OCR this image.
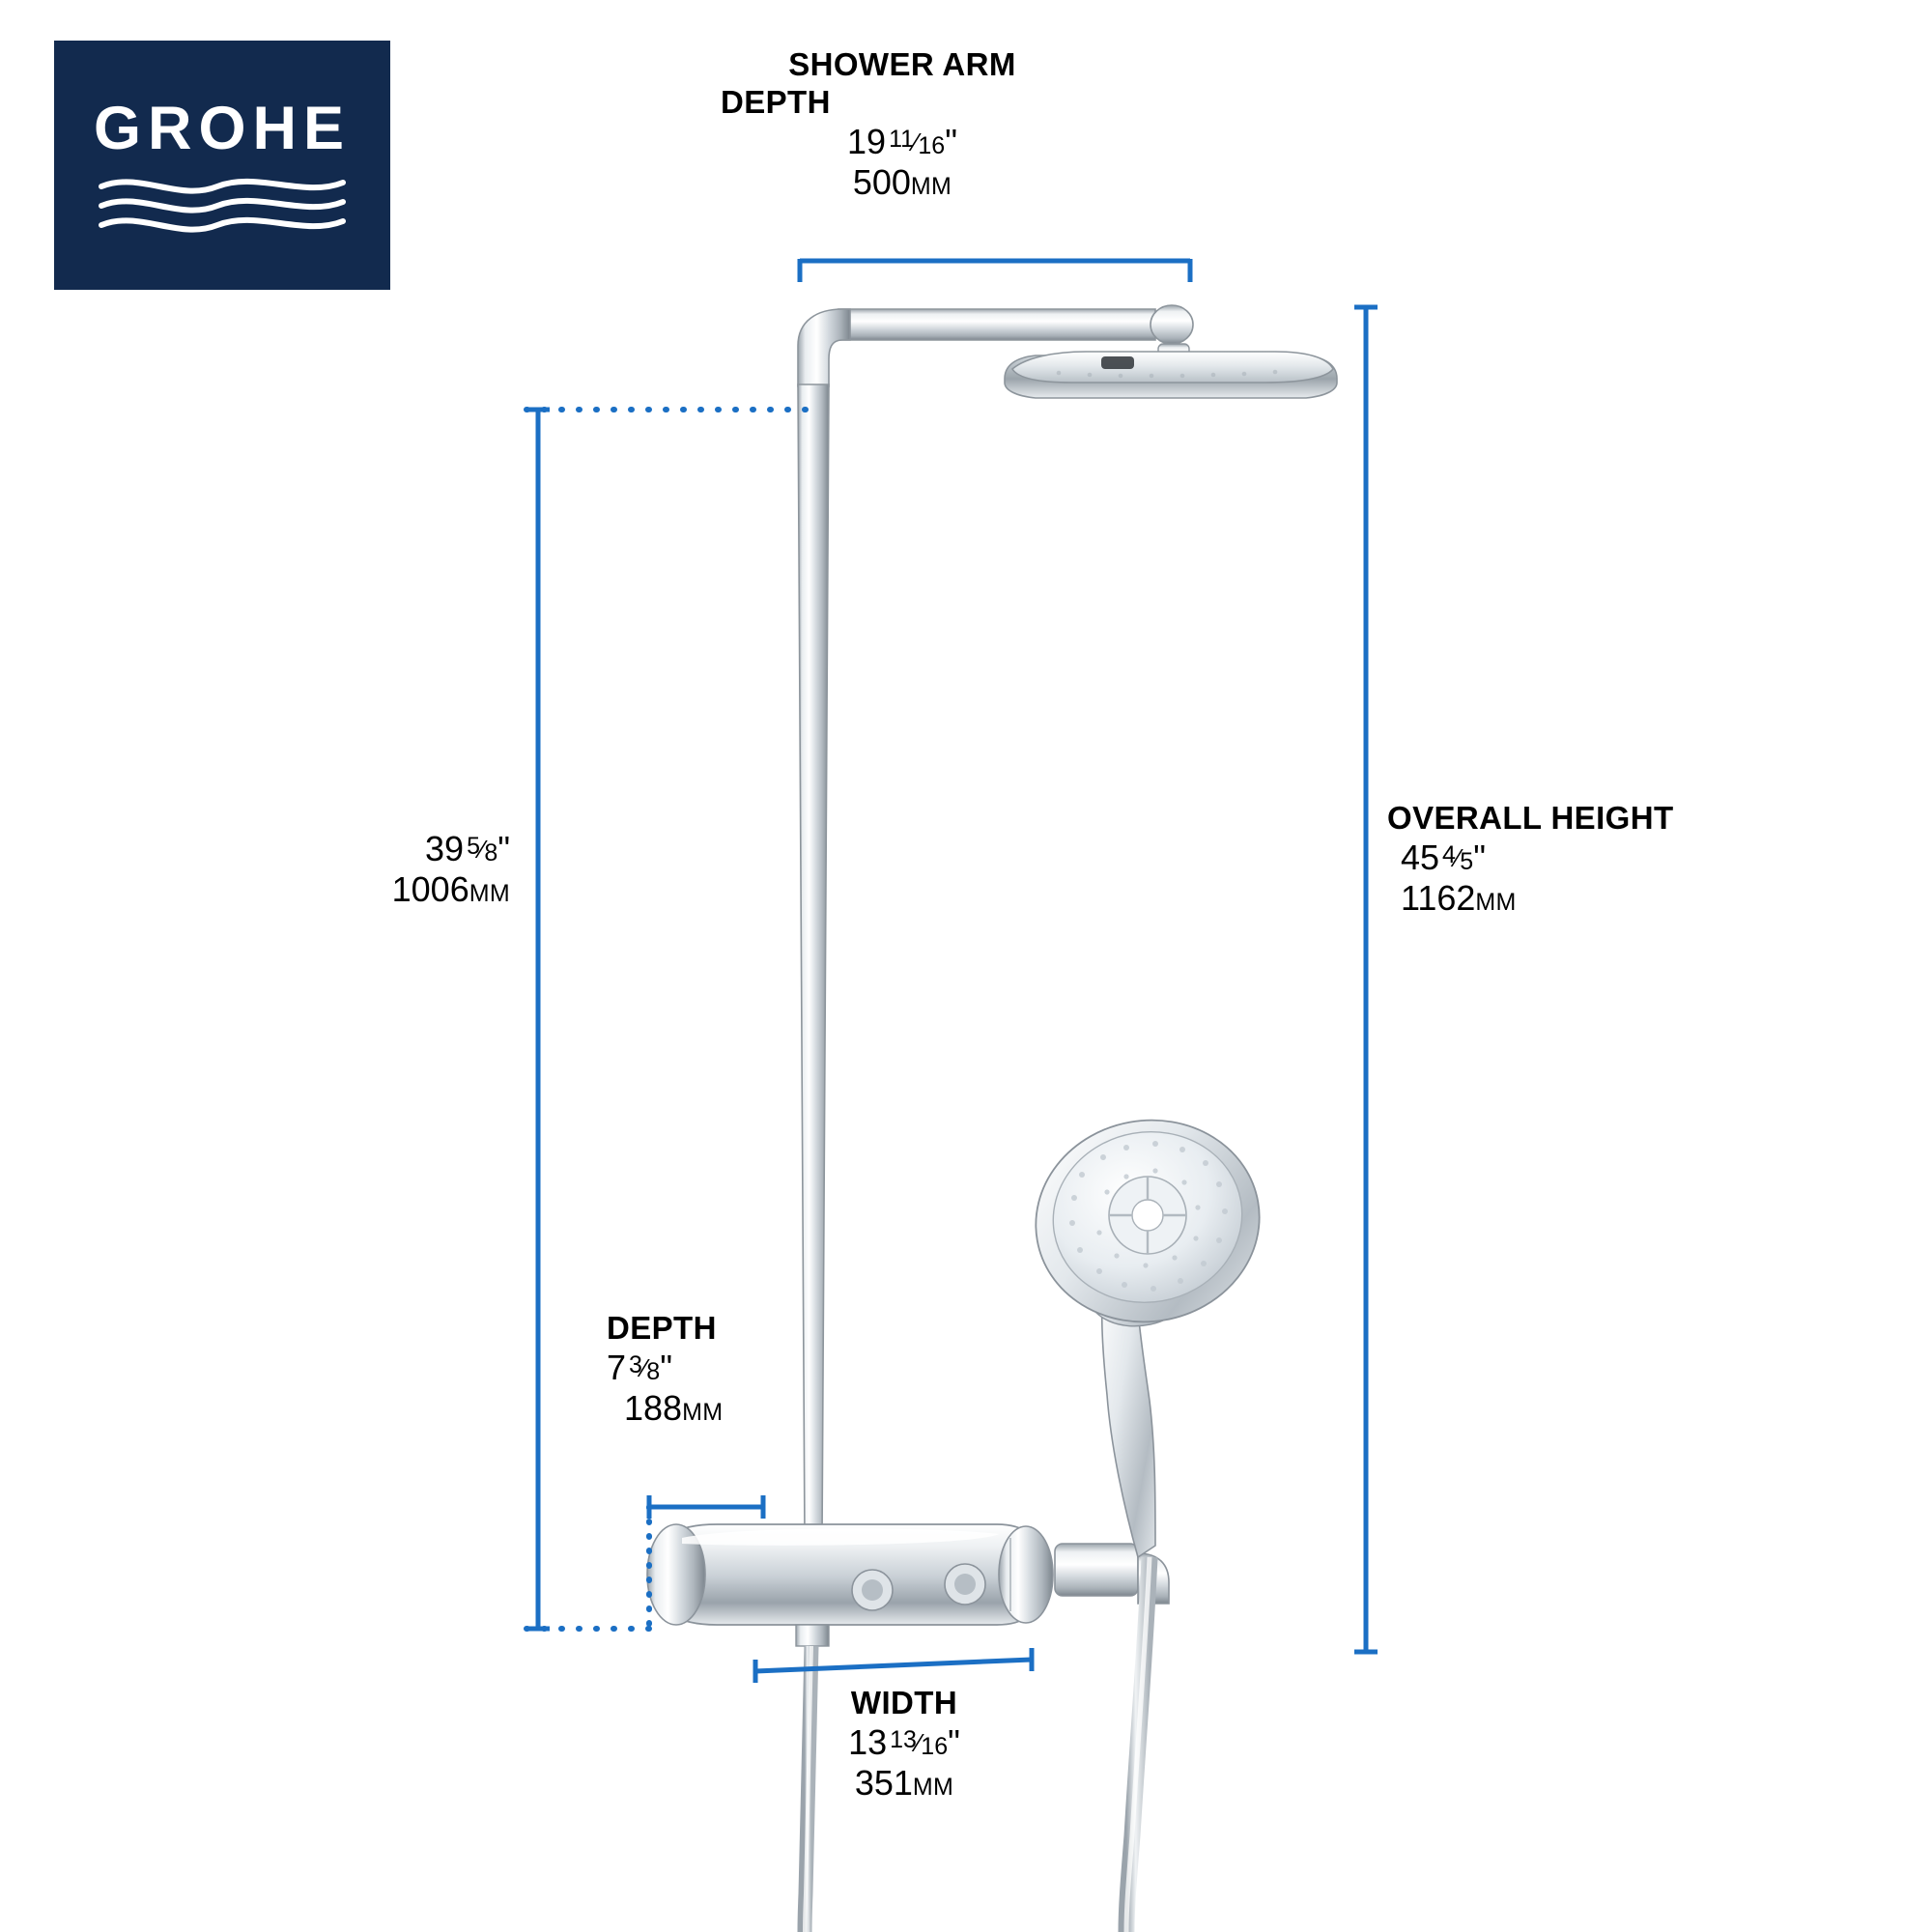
GROHE
SHOWER ARM
DEPTH
19 11⁄16"
500MM
39 5⁄8"
1006MM
OVERALL HEIGHT
45 4⁄5"
1162MM
DEPTH
7 3⁄8"
188MM
WIDTH
13 13⁄16"
351MM
